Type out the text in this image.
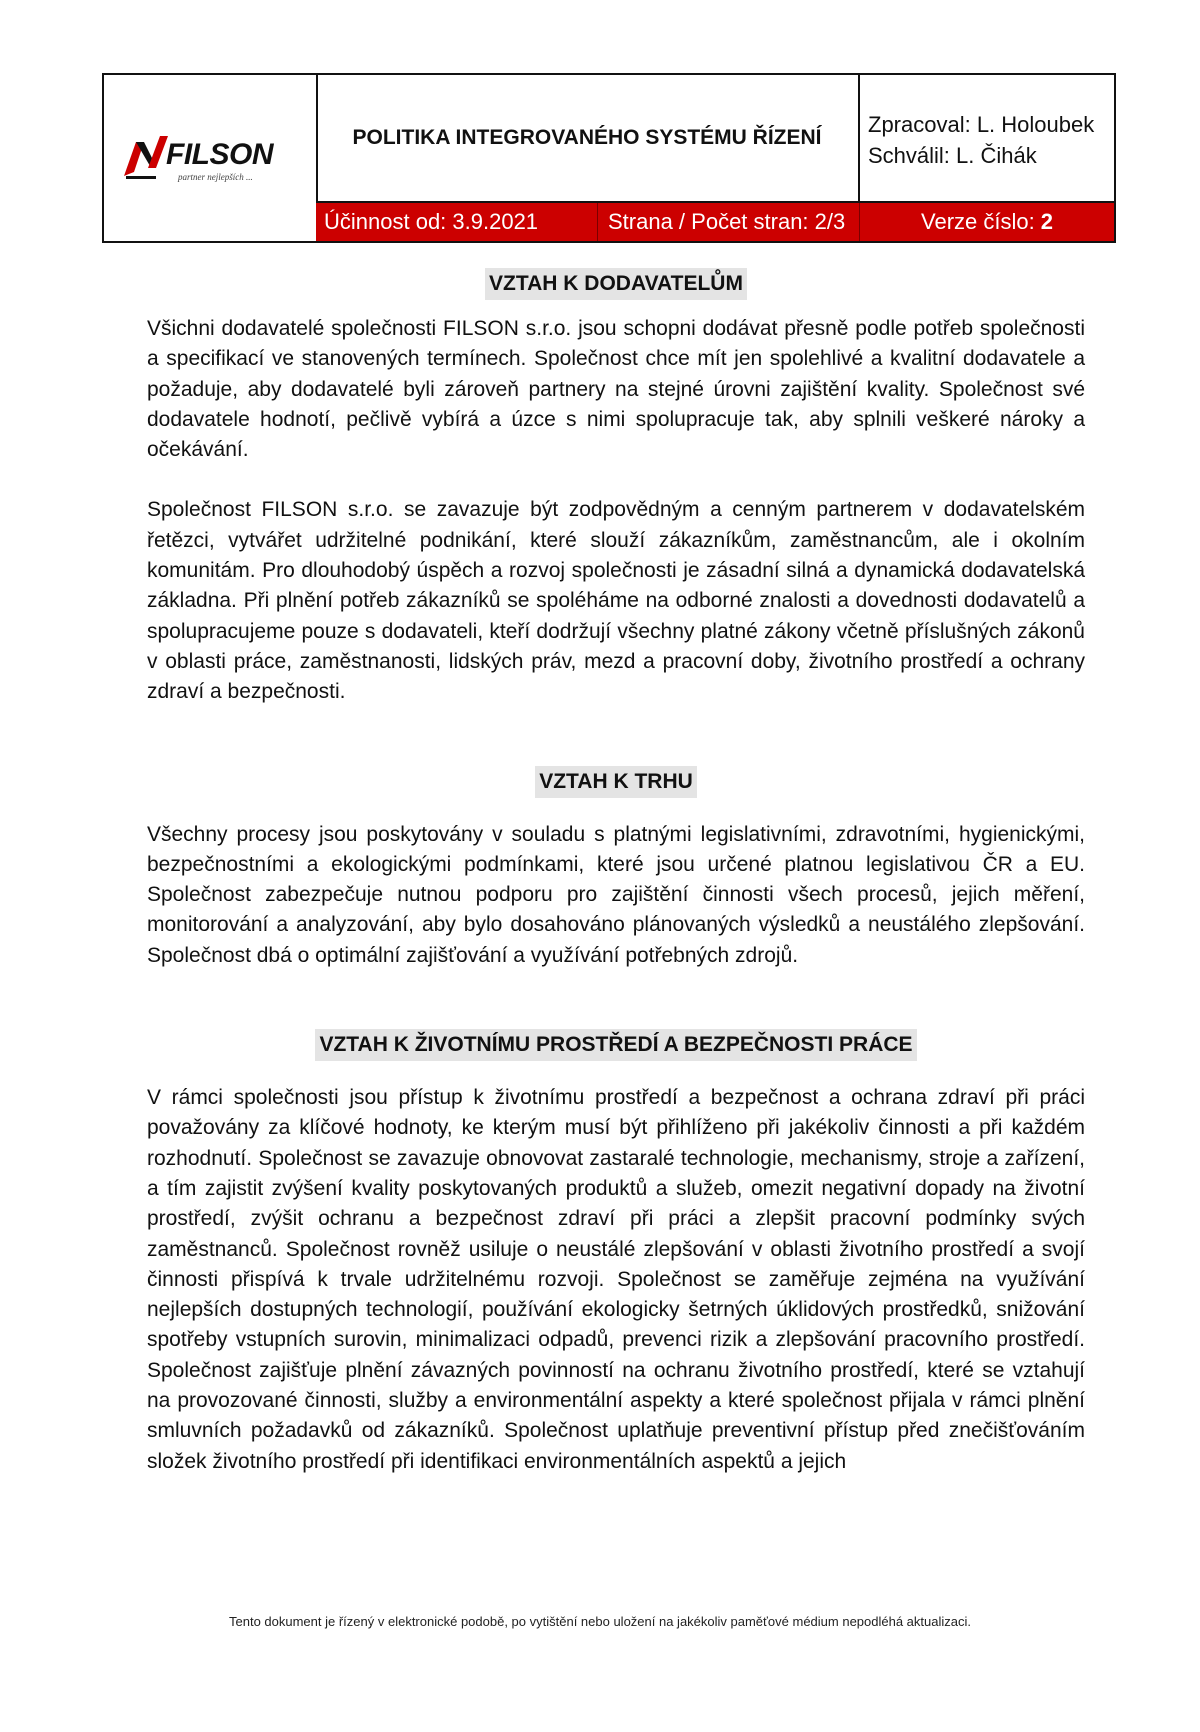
FILSON
partner nejlepších ...
POLITIKA INTEGROVANÉHO SYSTÉMU ŘÍZENÍ
Zpracoval: L. Holoubek
Schválil: L. Čihák
Účinnost od: 3.9.2021	Strana / Počet stran: 2/3	Verze číslo: 2
VZTAH K DODAVATELŮM

Všichni dodavatelé společnosti FILSON s.r.o. jsou schopni dodávat přesně podle potřeb společnosti a specifikací ve stanovených termínech. Společnost chce mít jen spolehlivé a kvalitní dodavatele a požaduje, aby dodavatelé byli zároveň partnery na stejné úrovni zajištění kvality. Společnost své dodavatele hodnotí, pečlivě vybírá a úzce s nimi spolupracuje tak, aby splnili veškeré nároky a očekávání.

Společnost FILSON s.r.o. se zavazuje být zodpovědným a cenným partnerem v dodavatelském řetězci, vytvářet udržitelné podnikání, které slouží zákazníkům, zaměstnancům, ale i okolním komunitám. Pro dlouhodobý úspěch a rozvoj společnosti je zásadní silná a dynamická dodavatelská základna. Při plnění potřeb zákazníků se spoléháme na odborné znalosti a dovednosti dodavatelů a spolupracujeme pouze s dodavateli, kteří dodržují všechny platné zákony včetně příslušných zákonů v oblasti práce, zaměstnanosti, lidských práv, mezd a pracovní doby, životního prostředí a ochrany zdraví a bezpečnosti.

VZTAH K TRHU

Všechny procesy jsou poskytovány v souladu s platnými legislativními, zdravotními, hygienickými, bezpečnostními a ekologickými podmínkami, které jsou určené platnou legislativou ČR a EU. Společnost zabezpečuje nutnou podporu pro zajištění činnosti všech procesů, jejich měření, monitorování a analyzování, aby bylo dosahováno plánovaných výsledků a neustálého zlepšování. Společnost dbá o optimální zajišťování a využívání potřebných zdrojů.

VZTAH K ŽIVOTNÍMU PROSTŘEDÍ A BEZPEČNOSTI PRÁCE

V rámci společnosti jsou přístup k životnímu prostředí a bezpečnost a ochrana zdraví při práci považovány za klíčové hodnoty, ke kterým musí být přihlíženo při jakékoliv činnosti a při každém rozhodnutí. Společnost se zavazuje obnovovat zastaralé technologie, mechanismy, stroje a zařízení, a tím zajistit zvýšení kvality poskytovaných produktů a služeb, omezit negativní dopady na životní prostředí, zvýšit ochranu a bezpečnost zdraví při práci a zlepšit pracovní podmínky svých zaměstnanců. Společnost rovněž usiluje o neustálé zlepšování v oblasti životního prostředí a svojí činnosti přispívá k trvale udržitelnému rozvoji. Společnost se zaměřuje zejména na využívání nejlepších dostupných technologií, používání ekologicky šetrných úklidových prostředků, snižování spotřeby vstupních surovin, minimalizaci odpadů, prevenci rizik a zlepšování pracovního prostředí. Společnost zajišťuje plnění závazných povinností na ochranu životního prostředí, které se vztahují na provozované činnosti, služby a environmentální aspekty a které společnost přijala v rámci plnění smluvních požadavků od zákazníků. Společnost uplatňuje preventivní přístup před znečišťováním složek životního prostředí při identifikaci environmentálních aspektů a jejich

Tento dokument je řízený v elektronické podobě, po vytištění nebo uložení na jakékoliv paměťové médium nepodléhá aktualizaci.
